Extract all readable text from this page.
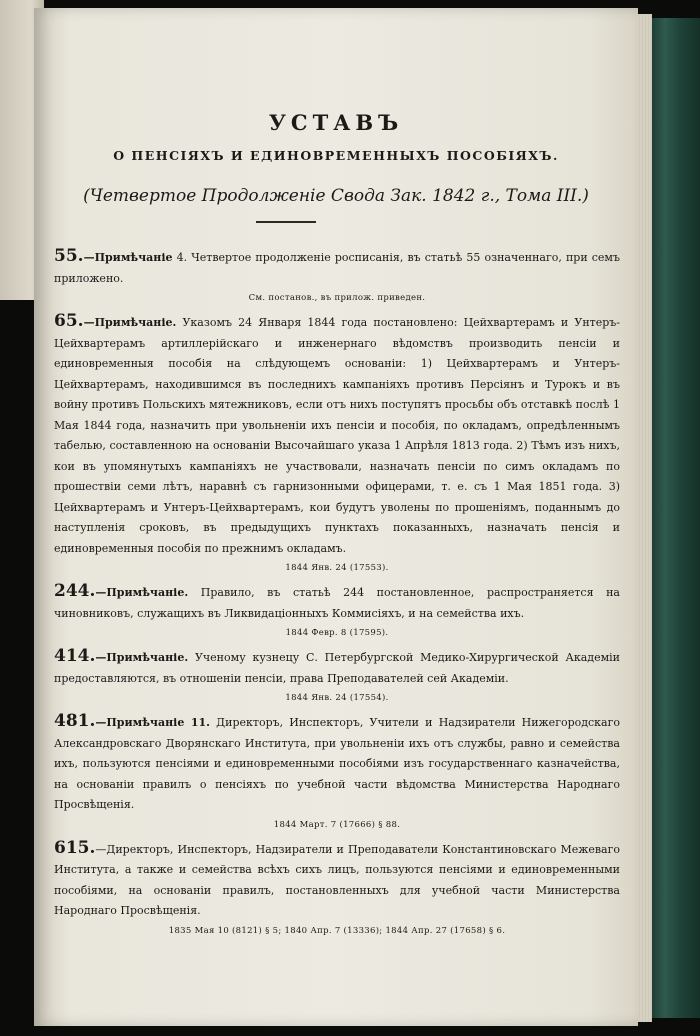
УСТАВЪ
О ПЕНСІЯХЪ И ЕДИНОВРЕМЕННЫХЪ ПОСОБІЯХЪ.
(Четвертое Продолженіе Свода Зак. 1842 г., Тома III.)

55.—Примѣчаніе 4. Четвертое продолженіе росписанія, въ статьѣ 55 означеннаго, при семъ приложено.

См. постанов., въ прилож. приведен.

65.—Примѣчаніе. Указомъ 24 Января 1844 года постановлено: Цейхвартерамъ и Унтеръ-Цейхвартерамъ артиллерійскаго и инженернаго вѣдомствъ производить пенсіи и единовременныя пособія на слѣдующемъ основаніи: 1) Цейхвартерамъ и Унтеръ-Цейхвартерамъ, находившимся въ последнихъ кампаніяхъ противъ Персіянъ и Турокъ и въ войну противъ Польскихъ мятежниковъ, если отъ нихъ поступятъ просьбы объ отставкѣ послѣ 1 Мая 1844 года, назначить при увольненіи ихъ пенсіи и пособія, по окладамъ, опредѣленнымъ табелью, составленною на основаніи Высочайшаго указа 1 Апрѣля 1813 года. 2) Тѣмъ изъ нихъ, кои въ упомянутыхъ кампаніяхъ не участвовали, назначать пенсіи по симъ окладамъ по прошествіи семи лѣтъ, наравнѣ съ гарнизонными офицерами, т. е. съ 1 Мая 1851 года. 3) Цейхвартерамъ и Унтеръ-Цейхвартерамъ, кои будутъ уволены по прошеніямъ, поданнымъ до наступленія сроковъ, въ предыдущихъ пунктахъ показанныхъ, назначать пенсія и единовременныя пособія по прежнимъ окладамъ.

1844 Янв. 24 (17553).

244.—Примѣчаніе. Правило, въ статьѣ 244 постановленное, распространяется на чиновниковъ, служащихъ въ Ликвидаціонныхъ Коммисіяхъ, и на семейства ихъ.

1844 Февр. 8 (17595).

414.—Примѣчаніе. Ученому кузнецу С. Петербургской Медико-Хирургической Академіи предоставляются, въ отношеніи пенсіи, права Преподавателей сей Академіи.

1844 Янв. 24 (17554).

481.—Примѣчаніе 11. Директоръ, Инспекторъ, Учители и Надзиратели Нижегородскаго Александровскаго Дворянскаго Института, при увольненіи ихъ отъ службы, равно и семейства ихъ, пользуются пенсіями и единовременными пособіями изъ государственнаго казначейства, на основаніи правилъ о пенсіяхъ по учебной части вѣдомства Министерства Народнаго Просвѣщенія.

1844 Март. 7 (17666) § 88.

615.—Директоръ, Инспекторъ, Надзиратели и Преподаватели Константиновскаго Межеваго Института, а также и семейства всѣхъ сихъ лицъ, пользуются пенсіями и единовременными пособіями, на основаніи правилъ, постановленныхъ для учебной части Министерства Народнаго Просвѣщенія.

1835 Мая 10 (8121) § 5; 1840 Апр. 7 (13336); 1844 Апр. 27 (17658) § 6.
